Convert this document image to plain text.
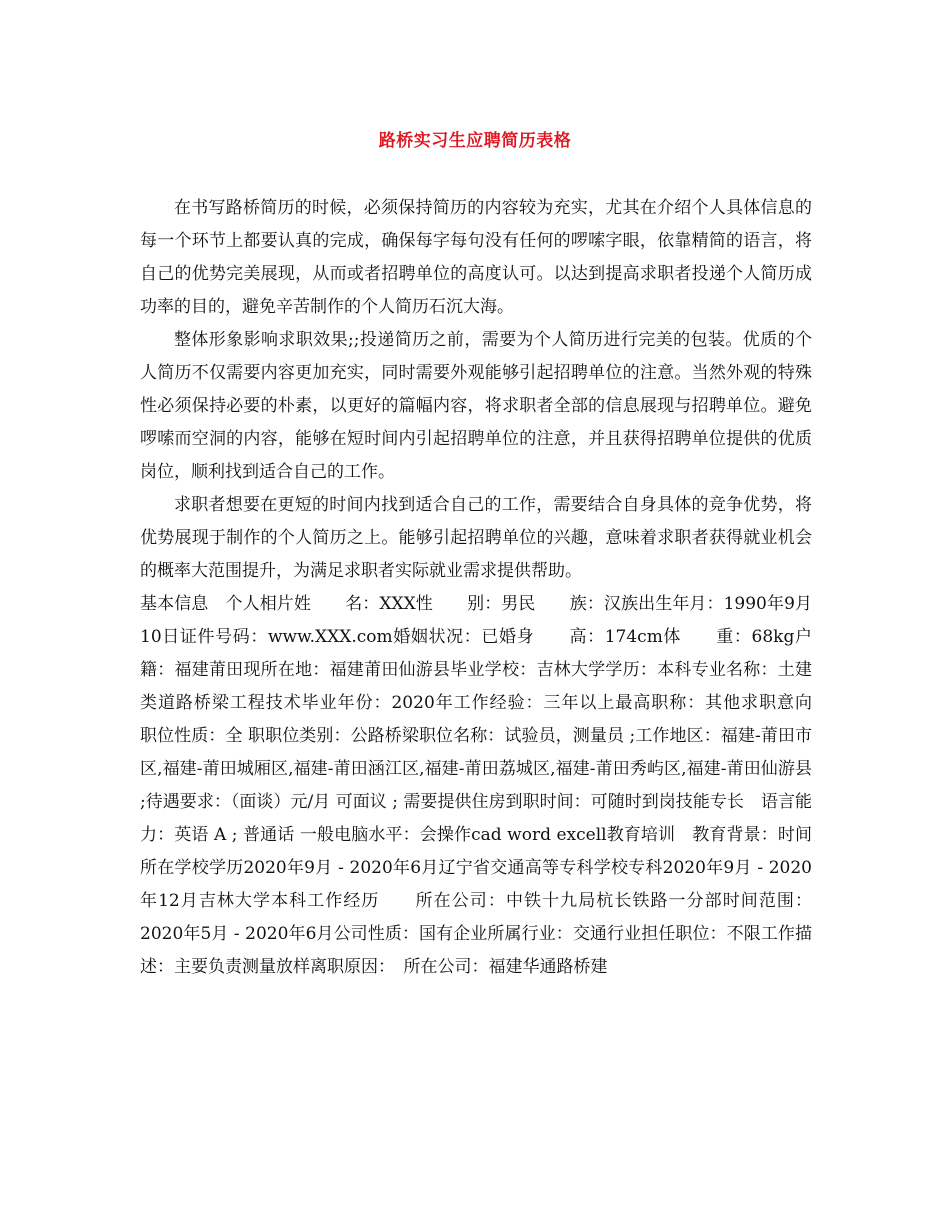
路桥实习生应聘简历表格

在书写路桥简历的时候，必须保持简历的内容较为充实，尤其在介绍个人具体信息的每一个环节上都要认真的完成，确保每字每句没有任何的啰嗦字眼，依靠精简的语言，将自己的优势完美展现，从而或者招聘单位的高度认可。以达到提高求职者投递个人简历成功率的目的，避免辛苦制作的个人简历石沉大海。

整体形象影响求职效果;;投递简历之前，需要为个人简历进行完美的包装。优质的个人简历不仅需要内容更加充实，同时需要外观能够引起招聘单位的注意。当然外观的特殊性必须保持必要的朴素，以更好的篇幅内容，将求职者全部的信息展现与招聘单位。避免啰嗦而空洞的内容，能够在短时间内引起招聘单位的注意，并且获得招聘单位提供的优质岗位，顺利找到适合自己的工作。

求职者想要在更短的时间内找到适合自己的工作，需要结合自身具体的竞争优势，将优势展现于制作的个人简历之上。能够引起招聘单位的兴趣，意味着求职者获得就业机会的概率大范围提升，为满足求职者实际就业需求提供帮助。

基本信息　个人相片姓　　名：XXX性　　别：男民　　族：汉族出生年月：1990年9月10日证件号码：www.XXX.com婚姻状况：已婚身　　高：174cm体　　重：68kg户　　籍：福建莆田现所在地：福建莆田仙游县毕业学校：吉林大学学历：本科专业名称：土建类道路桥梁工程技术毕业年份：2020年工作经验：三年以上最高职称：其他求职意向　职位性质：全 职职位类别：公路桥梁职位名称：试验员，测量员 ;工作地区：福建-莆田市区,福建-莆田城厢区,福建-莆田涵江区,福建-莆田荔城区,福建-莆田秀屿区,福建-莆田仙游县 ;待遇要求：（面谈）元/月 可面议 ; 需要提供住房到职时间：可随时到岗技能专长　语言能力：英语 A ; 普通话 一般电脑水平：会操作cad word excell教育培训　教育背景：时间所在学校学历2020年9月 - 2020年6月辽宁省交通高等专科学校专科2020年9月 - 2020年12月吉林大学本科工作经历　　所在公司：中铁十九局杭长铁路一分部时间范围：2020年5月 - 2020年6月公司性质：国有企业所属行业：交通行业担任职位：不限工作描述：主要负责测量放样离职原因：　所在公司：福建华通路桥建
